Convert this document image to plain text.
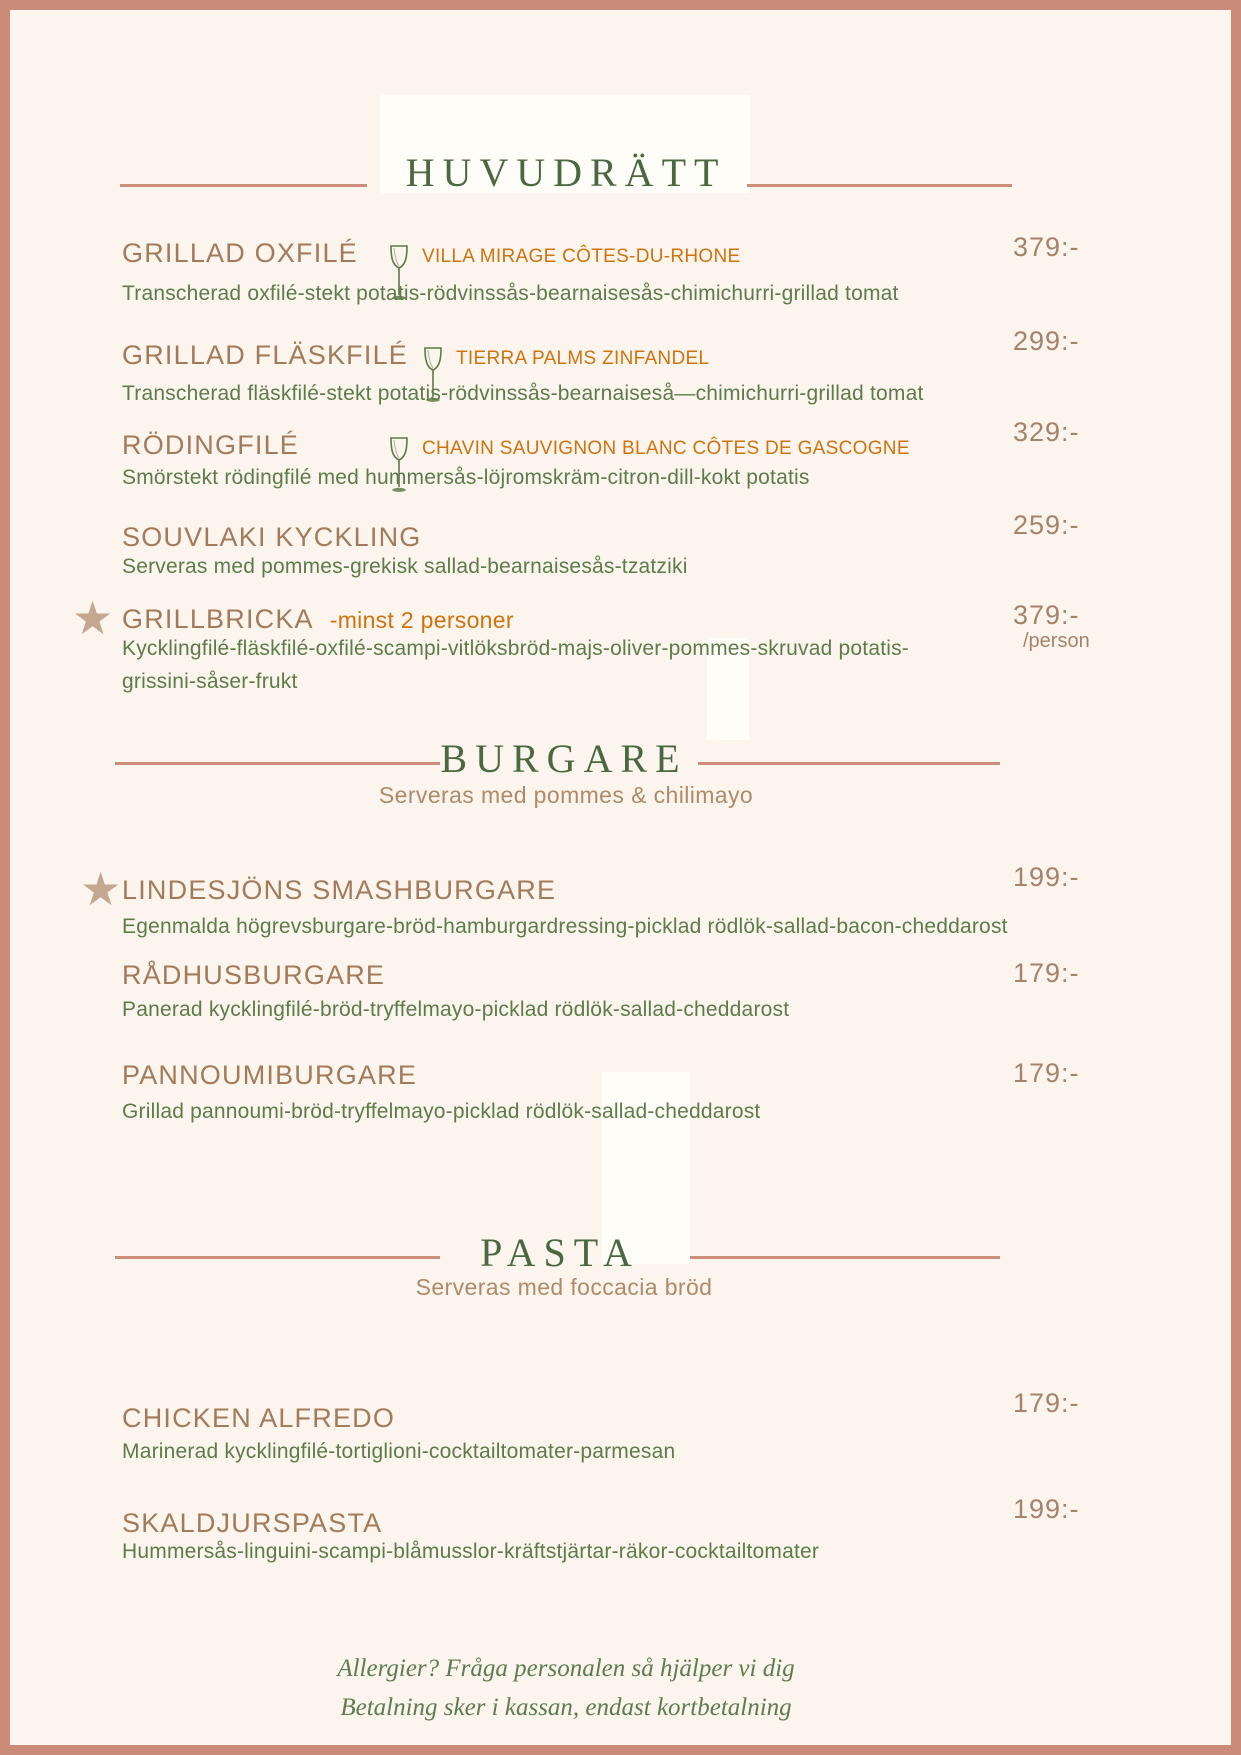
HUVUDRÄTT
GRILLAD OXFILÉ	VILLA MIRAGE CÔTES-DU-RHONE
Transcherad oxfilé-stekt potatis-rödvinssås-bearnaisesås-chimichurri-grillad tomat
379:-
GRILLAD FLÄSKFILÉ	TIERRA PALMS ZINFANDEL
Transcherad fläskfilé-stekt potatis-rödvinssås-bearnaiseså—chimichurri-grillad tomat
299:-
RÖDINGFILÉ	CHAVIN SAUVIGNON BLANC CÔTES DE GASCOGNE
Smörstekt rödingfilé med hummersås-löjromskräm-citron-dill-kokt potatis
329:-
SOUVLAKI KYCKLING
Serveras med pommes-grekisk sallad-bearnaisesås-tzatziki
259:-
★ GRILLBRICKA -minst 2 personer
Kycklingfilé-fläskfilé-oxfilé-scampi-vitlöksbröd-majs-oliver-pommes-skruvad potatis-
grissini-såser-frukt
379:-
/person
BURGARE
Serveras med pommes & chilimayo
★ LINDESJÖNS SMASHBURGARE
Egenmalda högrevsburgare-bröd-hamburgardressing-picklad rödlök-sallad-bacon-cheddarost
199:-
RÅDHUSBURGARE
Panerad kycklingfilé-bröd-tryffelmayo-picklad rödlök-sallad-cheddarost
179:-
PANNOUMIBURGARE
Grillad pannoumi-bröd-tryffelmayo-picklad rödlök-sallad-cheddarost
179:-
PASTA
Serveras med foccacia bröd
CHICKEN ALFREDO
Marinerad kycklingfilé-tortiglioni-cocktailtomater-parmesan
179:-
SKALDJURSPASTA
Hummersås-linguini-scampi-blåmusslor-kräftstjärtar-räkor-cocktailtomater
199:-
Allergier? Fråga personalen så hjälper vi dig
Betalning sker i kassan, endast kortbetalning
